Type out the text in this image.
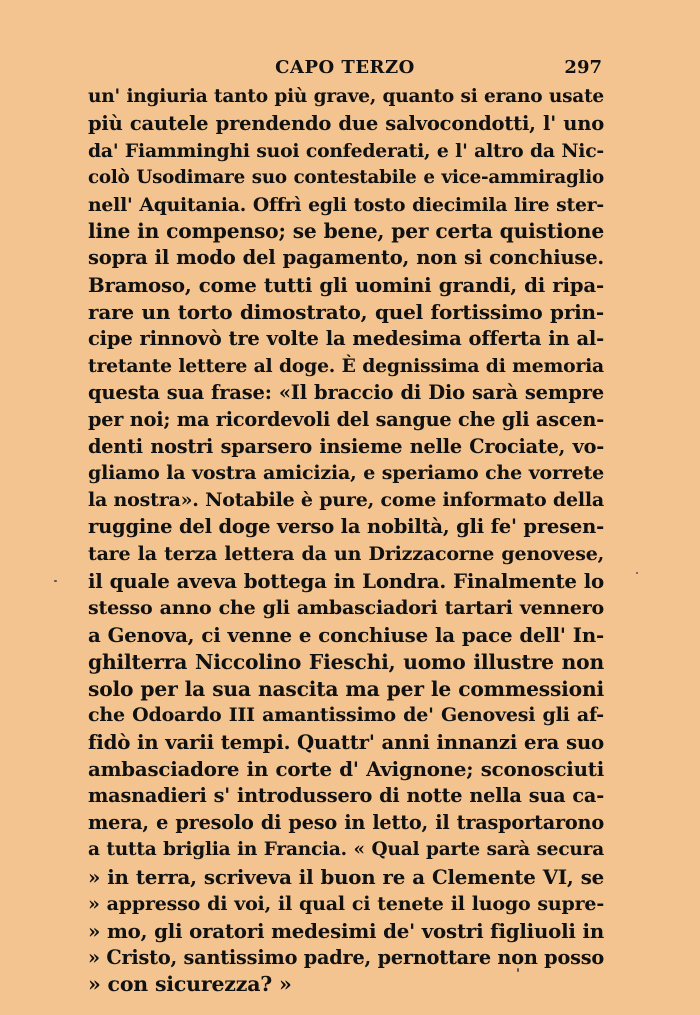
CAPO TERZO	297
un' ingiuria tanto più grave, quanto si erano usate
più cautele prendendo due salvocondotti, l' uno
da' Fiamminghi suoi confederati, e l' altro da Nic-
colò Usodimare suo contestabile e vice-ammiraglio
nell' Aquitania. Offrì egli tosto diecimila lire ster-
line in compenso; se bene, per certa quistione
sopra il modo del pagamento, non si conchiuse.
Bramoso, come tutti gli uomini grandi, di ripa-
rare un torto dimostrato, quel fortissimo prin-
cipe rinnovò tre volte la medesima offerta in al-
tretante lettere al doge. È degnissima di memoria
questa sua frase: «Il braccio di Dio sarà sempre
per noi; ma ricordevoli del sangue che gli ascen-
denti nostri sparsero insieme nelle Crociate, vo-
gliamo la vostra amicizia, e speriamo che vorrete
la nostra». Notabile è pure, come informato della
ruggine del doge verso la nobiltà, gli fe' presen-
tare la terza lettera da un Drizzacorne genovese,
il quale aveva bottega in Londra. Finalmente lo
stesso anno che gli ambasciadori tartari vennero
a Genova, ci venne e conchiuse la pace dell' In-
ghilterra Niccolino Fieschi, uomo illustre non
solo per la sua nascita ma per le commessioni
che Odoardo III amantissimo de' Genovesi gli af-
fidò in varii tempi. Quattr' anni innanzi era suo
ambasciadore in corte d' Avignone; sconosciuti
masnadieri s' introdussero di notte nella sua ca-
mera, e presolo di peso in letto, il trasportarono
a tutta briglia in Francia. « Qual parte sarà secura
» in terra, scriveva il buon re a Clemente VI, se
» appresso di voi, il qual ci tenete il luogo supre-
» mo, gli oratori medesimi de' vostri figliuoli in
» Cristo, santissimo padre, pernottare non posso
» con sicurezza? »
